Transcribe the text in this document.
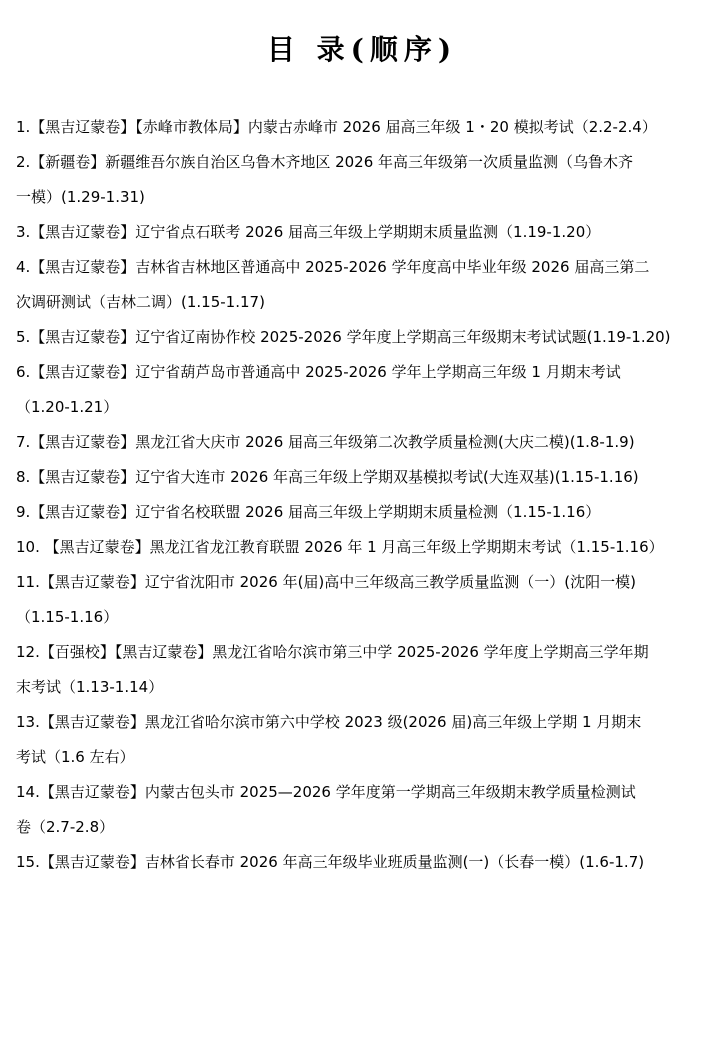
目 录(顺序)
1.【黑吉辽蒙卷】【赤峰市教体局】内蒙古赤峰市 2026 届高三年级 1・20 模拟考试（2.2-2.4）
2.【新疆卷】新疆维吾尔族自治区乌鲁木齐地区 2026 年高三年级第一次质量监测（乌鲁木齐
一模）(1.29-1.31)
3.【黑吉辽蒙卷】辽宁省点石联考 2026 届高三年级上学期期末质量监测（1.19-1.20）
4.【黑吉辽蒙卷】吉林省吉林地区普通高中 2025-2026 学年度高中毕业年级 2026 届高三第二
次调研测试（吉林二调）(1.15-1.17)
5.【黑吉辽蒙卷】辽宁省辽南协作校 2025-2026 学年度上学期高三年级期末考试试题(1.19-1.20)
6.【黑吉辽蒙卷】辽宁省葫芦岛市普通高中 2025-2026 学年上学期高三年级 1 月期末考试
（1.20-1.21）
7.【黑吉辽蒙卷】黑龙江省大庆市 2026 届高三年级第二次教学质量检测(大庆二模)(1.8-1.9)
8.【黑吉辽蒙卷】辽宁省大连市 2026 年高三年级上学期双基模拟考试(大连双基)(1.15-1.16)
9.【黑吉辽蒙卷】辽宁省名校联盟 2026 届高三年级上学期期末质量检测（1.15-1.16）
10. 【黑吉辽蒙卷】黑龙江省龙江教育联盟 2026 年 1 月高三年级上学期期末考试（1.15-1.16）
11.【黑吉辽蒙卷】辽宁省沈阳市 2026 年(届)高中三年级高三教学质量监测（一）(沈阳一模)
（1.15-1.16）
12.【百强校】【黑吉辽蒙卷】黑龙江省哈尔滨市第三中学 2025-2026 学年度上学期高三学年期
末考试（1.13-1.14）
13.【黑吉辽蒙卷】黑龙江省哈尔滨市第六中学校 2023 级(2026 届)高三年级上学期 1 月期末
考试（1.6 左右）
14.【黑吉辽蒙卷】内蒙古包头市 2025—2026 学年度第一学期高三年级期末教学质量检测试
卷（2.7-2.8）
15.【黑吉辽蒙卷】吉林省长春市 2026 年高三年级毕业班质量监测(一)（长春一模）(1.6-1.7)
